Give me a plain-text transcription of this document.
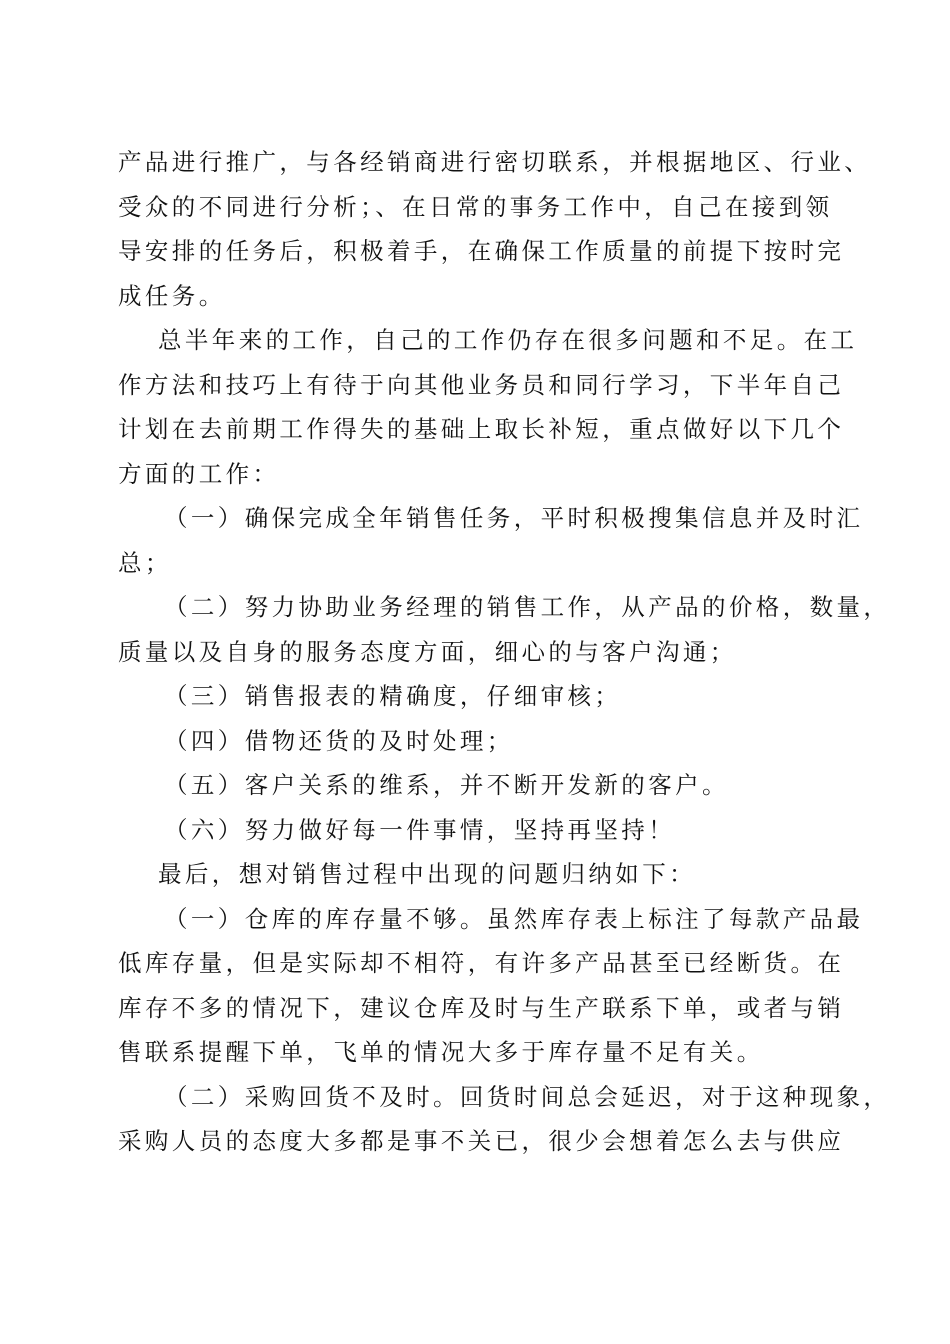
产品进行推广，与各经销商进行密切联系，并根据地区、行业、
受众的不同进行分析；、在日常的事务工作中，自己在接到领
导安排的任务后，积极着手，在确保工作质量的前提下按时完
成任务。
总半年来的工作，自己的工作仍存在很多问题和不足。在工
作方法和技巧上有待于向其他业务员和同行学习，下半年自己
计划在去前期工作得失的基础上取长补短，重点做好以下几个
方面的工作：
（一）确保完成全年销售任务，平时积极搜集信息并及时汇
总；
（二）努力协助业务经理的销售工作，从产品的价格，数量，
质量以及自身的服务态度方面，细心的与客户沟通；
（三）销售报表的精确度，仔细审核；
（四）借物还货的及时处理；
（五）客户关系的维系，并不断开发新的客户。
（六）努力做好每一件事情，坚持再坚持！
最后，想对销售过程中出现的问题归纳如下：
（一）仓库的库存量不够。虽然库存表上标注了每款产品最
低库存量，但是实际却不相符，有许多产品甚至已经断货。在
库存不多的情况下，建议仓库及时与生产联系下单，或者与销
售联系提醒下单，飞单的情况大多于库存量不足有关。
（二）采购回货不及时。回货时间总会延迟，对于这种现象，
采购人员的态度大多都是事不关已，很少会想着怎么去与供应
